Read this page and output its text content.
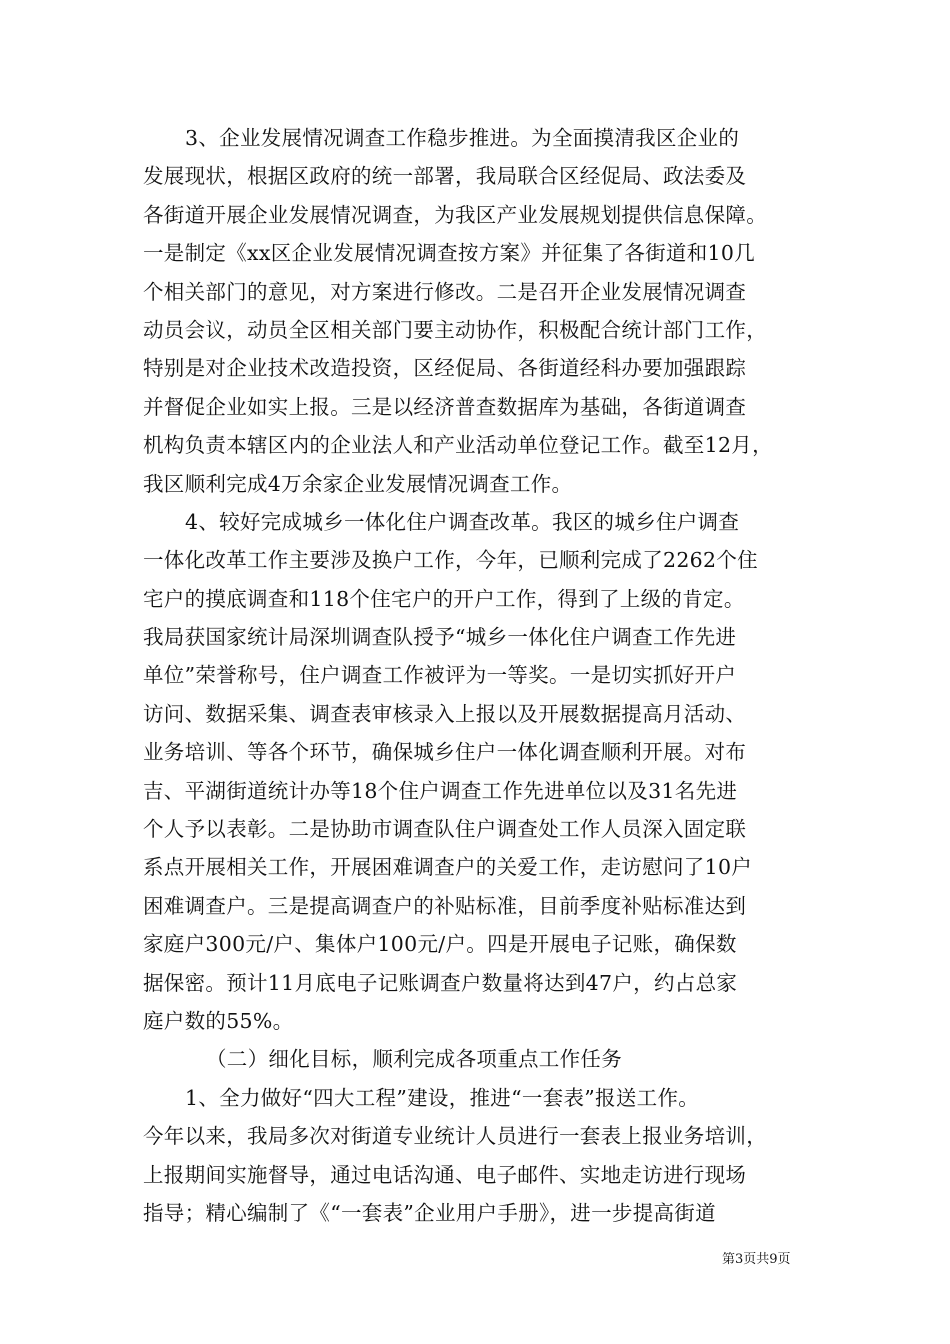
3、企业发展情况调查工作稳步推进。为全面摸清我区企业的
发展现状，根据区政府的统一部署，我局联合区经促局、政法委及
各街道开展企业发展情况调查，为我区产业发展规划提供信息保障。
一是制定《xx区企业发展情况调查按方案》并征集了各街道和10几
个相关部门的意见，对方案进行修改。二是召开企业发展情况调查
动员会议，动员全区相关部门要主动协作，积极配合统计部门工作，
特别是对企业技术改造投资，区经促局、各街道经科办要加强跟踪
并督促企业如实上报。三是以经济普查数据库为基础，各街道调查
机构负责本辖区内的企业法人和产业活动单位登记工作。截至12月，
我区顺利完成4万余家企业发展情况调查工作。
4、较好完成城乡一体化住户调查改革。我区的城乡住户调查
一体化改革工作主要涉及换户工作，今年，已顺利完成了2262个住
宅户的摸底调查和118个住宅户的开户工作，得到了上级的肯定。
我局获国家统计局深圳调查队授予“城乡一体化住户调查工作先进
单位”荣誉称号，住户调查工作被评为一等奖。一是切实抓好开户
访问、数据采集、调查表审核录入上报以及开展数据提高月活动、
业务培训、等各个环节，确保城乡住户一体化调查顺利开展。对布
吉、平湖街道统计办等18个住户调查工作先进单位以及31名先进
个人予以表彰。二是协助市调查队住户调查处工作人员深入固定联
系点开展相关工作，开展困难调查户的关爱工作，走访慰问了10户
困难调查户。三是提高调查户的补贴标准，目前季度补贴标准达到
家庭户300元/户、集体户100元/户。四是开展电子记账，确保数
据保密。预计11月底电子记账调查户数量将达到47户，约占总家
庭户数的55%。
（二）细化目标，顺利完成各项重点工作任务
1、全力做好“四大工程”建设，推进“一套表”报送工作。
今年以来，我局多次对街道专业统计人员进行一套表上报业务培训，
上报期间实施督导，通过电话沟通、电子邮件、实地走访进行现场
指导；精心编制了《“一套表”企业用户手册》，进一步提高街道
第3页共9页
